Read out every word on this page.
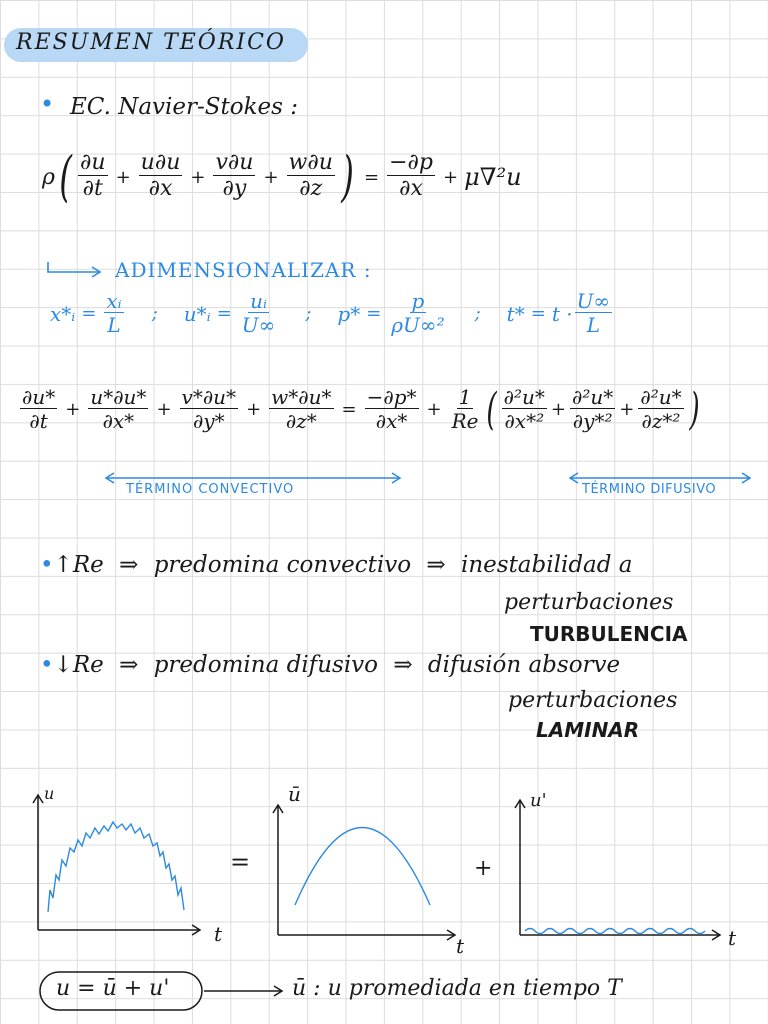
RESUMEN TEÓRICO
• EC. Navier-Stokes :
ρ ( $\frac{\partial u}{\partial t} + \frac{u\partial u}{\partial x} + \frac{v\partial u}{\partial y} + \frac{w\partial u}{\partial z}$ ) = $\frac{-\partial p}{\partial x} + \mu\nabla^2u$
ADIMENSIONALIZAR :
x*ᵢ = $\frac{\text{xᵢ}}{L}$ ; u*ᵢ = $\frac{\text{uᵢ}}{U\infty}$ ; $p* = \frac{p}{\text{ρU∞²}}$ ; $t* = t \cdot \frac{U\infty}{L}$
$\frac{\partial u*}{\partial t} + \frac{u*\partial u*}{\partial x*} + \frac{v*\partial u*}{\partial y*} + \frac{w*\partial u*}{\partial z*} = \frac{-\partial p*}{\partial x*} + \frac{1}{Re}$ ( $\frac{\text{∂²u*}}{\text{∂x*²}} + \frac{\text{∂²u*}}{\text{∂y*²}} + \frac{\text{∂²u*}}{\text{∂z*²}}$ )
TÉRMINO CONVECTIVO	TÉRMINO DIFUSIVO
•↑Re ⇒ predomina convectivo ⇒ inestabilidad a
perturbaciones
TURBULENCIA
•↓Re ⇒ predomina difusivo ⇒ difusión absorve
perturbaciones
LAMINAR
u
t
=
ū
t
+
u'
t
u = ū + u'	ū : u promediada en tiempo T
